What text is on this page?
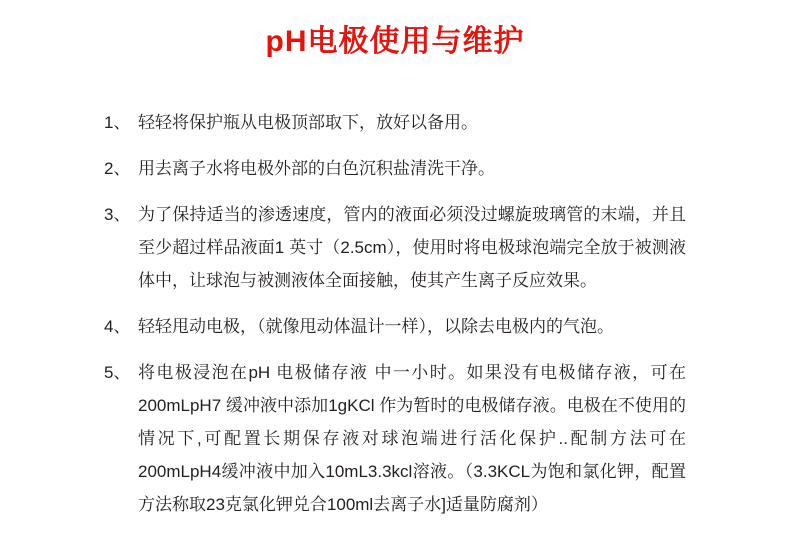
pH电极使用与维护
1、 轻轻将保护瓶从电极顶部取下，放好以备用。
2、 用去离子水将电极外部的白色沉积盐清洗干净。
3、 为了保持适当的渗透速度，管内的液面必须没过螺旋玻璃管的末端，并且至少超过样品液面1 英寸（2.5cm），使用时将电极球泡端完全放于被测液体中，让球泡与被测液体全面接触，使其产生离子反应效果。
4、 轻轻甩动电极，（就像甩动体温计一样），以除去电极内的气泡。
5、 将电极浸泡在pH 电极储存液 中一小时。如果没有电极储存液，可在200mLpH7 缓冲液中添加1gKCl 作为暂时的电极储存液。电极在不使用的情况下,可配置长期保存液对球泡端进行活化保护..配制方法可在200mLpH4缓冲液中加入10mL3.3kcl溶液。（3.3KCL为饱和氯化钾，配置方法称取23克氯化钾兑合100ml去离子水]适量防腐剂）
